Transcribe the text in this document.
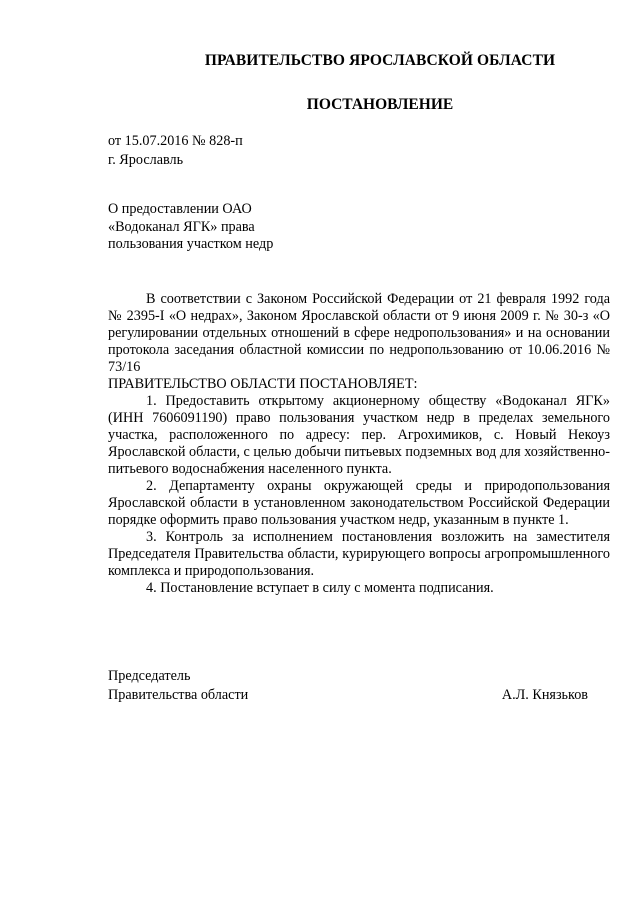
ПРАВИТЕЛЬСТВО ЯРОСЛАВСКОЙ ОБЛАСТИ
ПОСТАНОВЛЕНИЕ
от 15.07.2016 № 828-п
г. Ярославль
О предоставлении ОАО
«Водоканал ЯГК» права
пользования участком недр

В соответствии с Законом Российской Федерации от 21 февраля 1992 года № 2395-I «О недрах», Законом Ярославской области от 9 июня 2009 г. № 30-з «О регулировании отдельных отношений в сфере недропользования» и на основании протокола заседания областной комиссии по недропользованию от 10.06.2016 № 73/16

ПРАВИТЕЛЬСТВО ОБЛАСТИ ПОСТАНОВЛЯЕТ:

1. Предоставить открытому акционерному обществу «Водоканал ЯГК» (ИНН 7606091190) право пользования участком недр в пределах земельного участка, расположенного по адресу: пер. Агрохимиков, с. Новый Некоуз Ярославской области, с целью добычи питьевых подземных вод для хозяйственно-питьевого водоснабжения населенного пункта.

2. Департаменту охраны окружающей среды и природопользования Ярославской области в установленном законодательством Российской Федерации порядке оформить право пользования участком недр, указанным в пункте 1.

3. Контроль за исполнением постановления возложить на заместителя Председателя Правительства области, курирующего вопросы агропромышленного комплекса и природопользования.

4. Постановление вступает в силу с момента подписания.

Председатель
Правительства области	А.Л. Князьков
